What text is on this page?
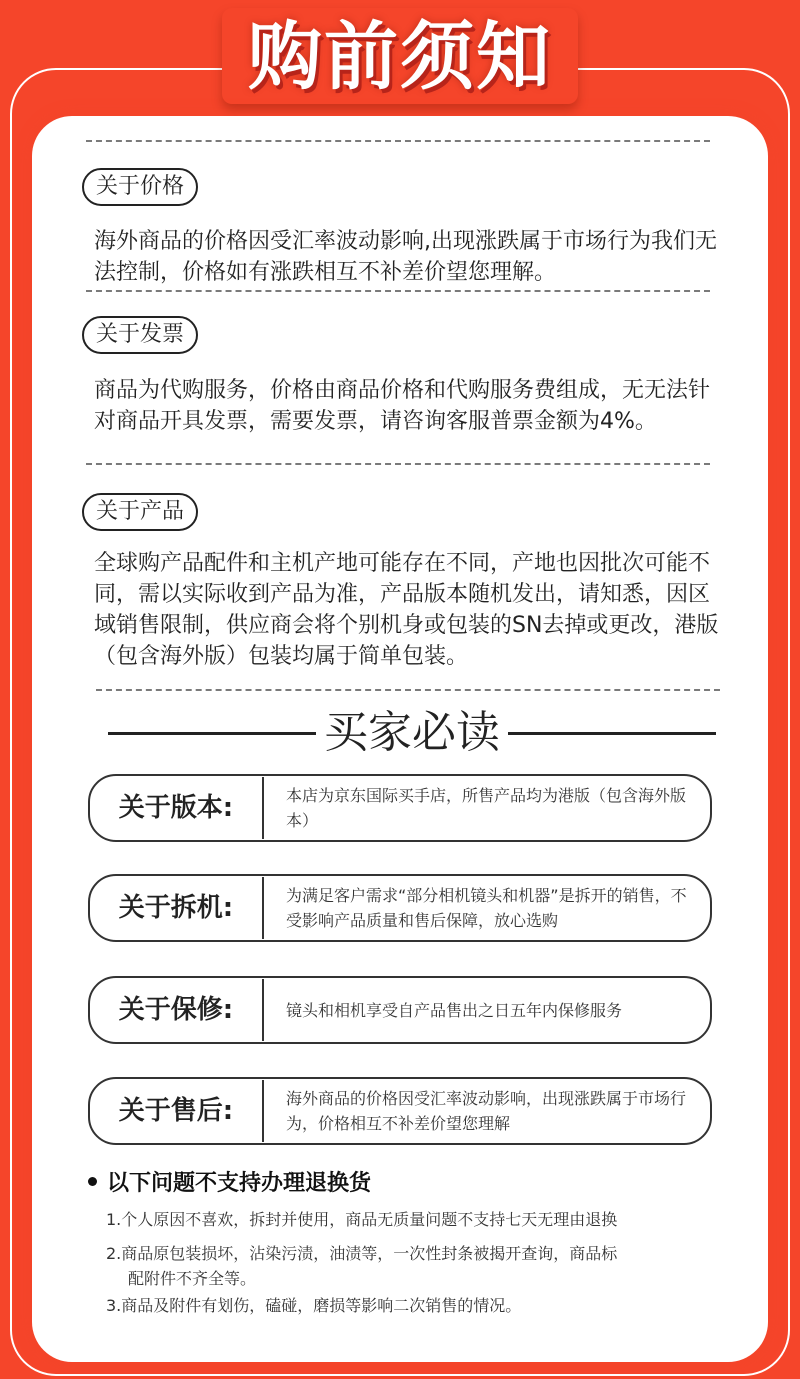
购前须知
关于价格

海外商品的价格因受汇率波动影响,出现涨跌属于市场行为我们无法控制，价格如有涨跌相互不补差价望您理解。

关于发票

商品为代购服务，价格由商品价格和代购服务费组成，无无法针对商品开具发票，需要发票，请咨询客服普票金额为4%。

关于产品

全球购产品配件和主机产地可能存在不同，产地也因批次可能不同，需以实际收到产品为准，产品版本随机发出，请知悉，因区域销售限制，供应商会将个别机身或包装的SN去掉或更改，港版（包含海外版）包装均属于简单包装。

买家必读
关于版本:	本店为京东国际买手店，所售产品均为港版（包含海外版本）
关于拆机:	为满足客户需求“部分相机镜头和机器”是拆开的销售，不受影响产品质量和售后保障，放心选购
关于保修:	镜头和相机享受自产品售出之日五年内保修服务
关于售后:	海外商品的价格因受汇率波动影响，出现涨跌属于市场行为，价格相互不补差价望您理解
以下问题不支持办理退换货

1.个人原因不喜欢，拆封并使用，商品无质量问题不支持七天无理由退换

2.商品原包装损坏，沾染污渍，油渍等，一次性封条被揭开查询，商品标
配附件不齐全等。

3.商品及附件有划伤，磕碰，磨损等影响二次销售的情况。
